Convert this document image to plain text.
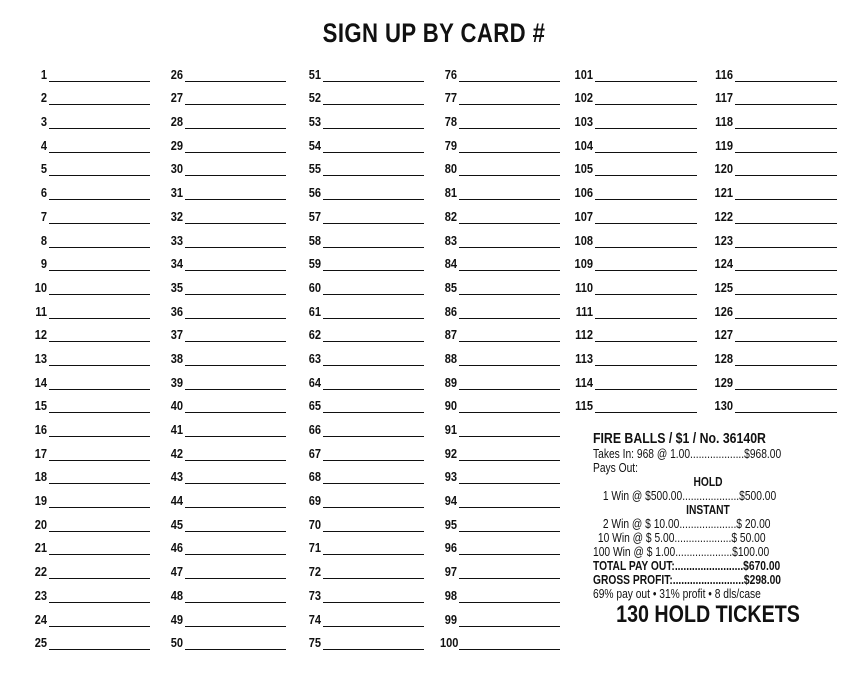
SIGN UP BY CARD #
1
2
3
4
5
6
7
8
9
10
11
12
13
14
15
16
17
18
19
20
21
22
23
24
25
26
27
28
29
30
31
32
33
34
35
36
37
38
39
40
41
42
43
44
45
46
47
48
49
50
51
52
53
54
55
56
57
58
59
60
61
62
63
64
65
66
67
68
69
70
71
72
73
74
75
76
77
78
79
80
81
82
83
84
85
86
87
88
89
90
91
92
93
94
95
96
97
98
99
100
101
102
103
104
105
106
107
108
109
110
111
112
113
114
115
116
117
118
119
120
121
122
123
124
125
126
127
128
129
130
FIRE BALLS / $1 / No. 36140R
Takes In: 968 @ 1.00...................$968.00
Pays Out:
HOLD
1 Win @ $500.00....................$500.00
INSTANT
2 Win @ $ 10.00....................$ 20.00
10 Win @ $ 5.00....................$ 50.00
100 Win @ $ 1.00....................$100.00
TOTAL PAY OUT:........................$670.00
GROSS PROFIT:.........................$298.00
69% pay out • 31% profit • 8 dls/case
130 HOLD TICKETS
